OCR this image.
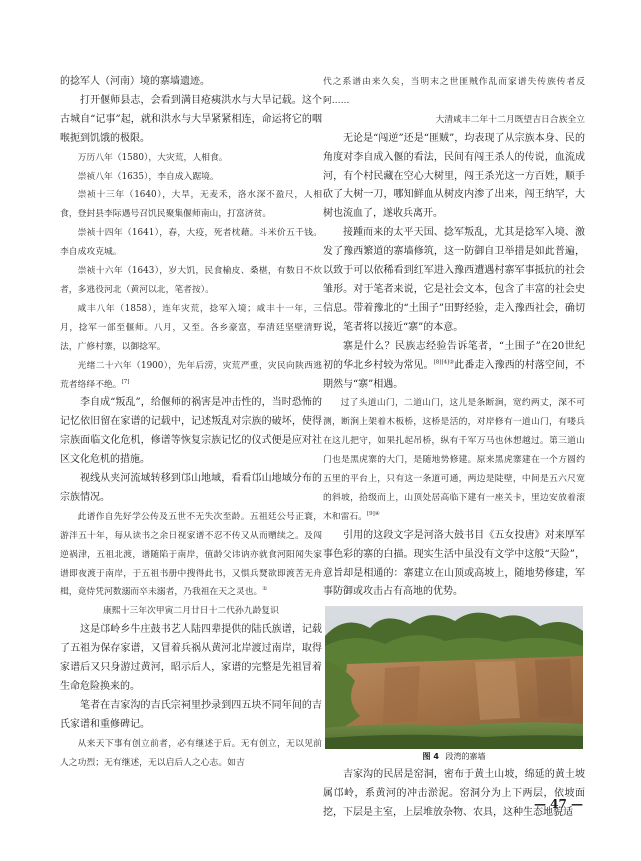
的捻军人（河南）境的寨墙遗迹。

打开偃师县志，会看到满目疮痍洪水与大旱记载。这个古城自“记事”起，就和洪水与大旱紧紧相连，命运将它的咽喉扼到饥饿的极限。

万历八年（1580），大灾荒，人相食。

崇祯八年（1635），李自成入踞境。

崇祯十三年（1640），大旱，无麦禾，洛水深不盈尺，人相食，登封县李际遇号召饥民聚集偃师南山，打富济贫。

崇祯十四年（1641），春，大疫，死者枕藉。斗米价五千钱。李自成攻克城。

崇祯十六年（1643），岁大饥，民食榆皮、桑椹，有数日不炊者，多逃役河北（黄河以北，笔者按）。

咸丰八年（1858），连年灾荒，捻军入境；咸丰十一年，三月，捻军一部至偃师。八月，又至。各乡豪富，奉清廷坚壁清野法，广修村寨，以御捻军。

光绪二十六年（1900），先年后涝，灾荒严重，灾民向陕西逃荒者络绎不绝。[7]

李自成“叛乱”，给偃师的祸害是冲击性的，当时恐怖的记忆依旧留在家谱的记载中，记述叛乱对宗族的破坏，使得宗族面临文化危机，修谱等恢复宗族记忆的仪式便是应对社区文化危机的措施。

视线从夹河流域转移到邙山地域，看看邙山地域分布的宗族情况。

此谱作自先好学公传及五世不无失次至龄。五祖廷公号正寰，游泮五十年，每从读书之余日视家谱不忍不传又从而赠续之。及闯逆祸津，五祖北渡，谱随陷于南岸，值龄父讳讷亦就食河阳闻失家谱即夜渡于南岸，于五祖书册中搜得此书，又惧兵燹欲即渡苦无舟楫，竟侍凭河数溺而卒未溺者，乃我祖在天之灵也。①

康熙十三年次甲寅二月廿日十二代孙九龄复识

这是邙岭乡牛庄鼓书艺人陆四辈提供的陆氏族谱，记载了五祖为保存家谱，又冒着兵祸从黄河北岸渡过南岸，取得家谱后又只身游过黄河，昭示后人，家谱的完整是先祖冒着生命危险换来的。

笔者在吉家沟的吉氏宗祠里抄录到四五块不同年间的吉氏家谱和重修碑记。

从来天下事有创立前者，必有继述于后。无有创立，无以见前人之功烈；无有继述，无以启后人之心志。如吉

代之系谱由来久矣，当明末之世匪贼作乱而家谱失传族传者反阿……

大清咸丰二年十二月既望吉日合族全立

无论是“闯逆”还是“匪贼”，均表现了从宗族本身、民的角度对李自成入偃的看法，民间有闯王杀人的传说，血流成河，有个村民藏在空心大树里，闯王杀光这一方百姓，顺手砍了大树一刀，哪知鲜血从树皮内渗了出来，闯王纳罕，大树也流血了，遂收兵离开。

接踵而来的太平天国、捻军叛乱，尤其是捻军入境、激发了豫西繁道的寨墙修筑，这一防御自卫举措是如此普遍，以致于可以依稀看到红军进入豫西遭遇村寨军事抵抗的社会雏形。对于笔者来说，它是社会文本，包含了丰富的社会史信息。带着豫北的“土围子”田野经验，走入豫西社会，确切说，笔者将以接近“寨”的本意。

寨是什么？民族志经验告诉笔者，“土围子”在20世纪初的华北乡村较为常见。$^{[8][4]②}$此番走入豫西的村落空间，不期然与“寨”相遇。

过了头道山门，二道山门，这儿是条断涧，宽约两丈，深不可测，断涧上架着木板桥，这桥是活的，对岸修有一道山门，有喽兵在这儿把守，如果扎起吊桥，纵有千军万马也休想越过。第三道山门也是黑虎寨的大门，是随地势修建。原来黑虎寨建在一个方圆约五里的平台上，只有这一条道可通，两边是陡壁，中间是五六尺宽的斜坡，拾级而上，山顶处居高临下建有一座关卡，里边安放着滚木和雷石。$^{[9]④}$

引用的这段文字是河洛大鼓书目《五女投唐》对来厚军事色彩的寨的白描。现实生活中虽没有文学中这般“天险”，意旨却是相通的：寨建立在山顶或高坡上，随地势修建，军事防御或攻击占有高地的优势。

图 4 段湾的寨墙

吉家沟的民居是窑洞，密布于黄土山坡，绵延的黄土坡属邙岭，系黄河的冲击淤泥。窑洞分为上下两层，依坡面挖，下层是主室，上层堆放杂物、农具，这种生态地貌适

— 47 —
